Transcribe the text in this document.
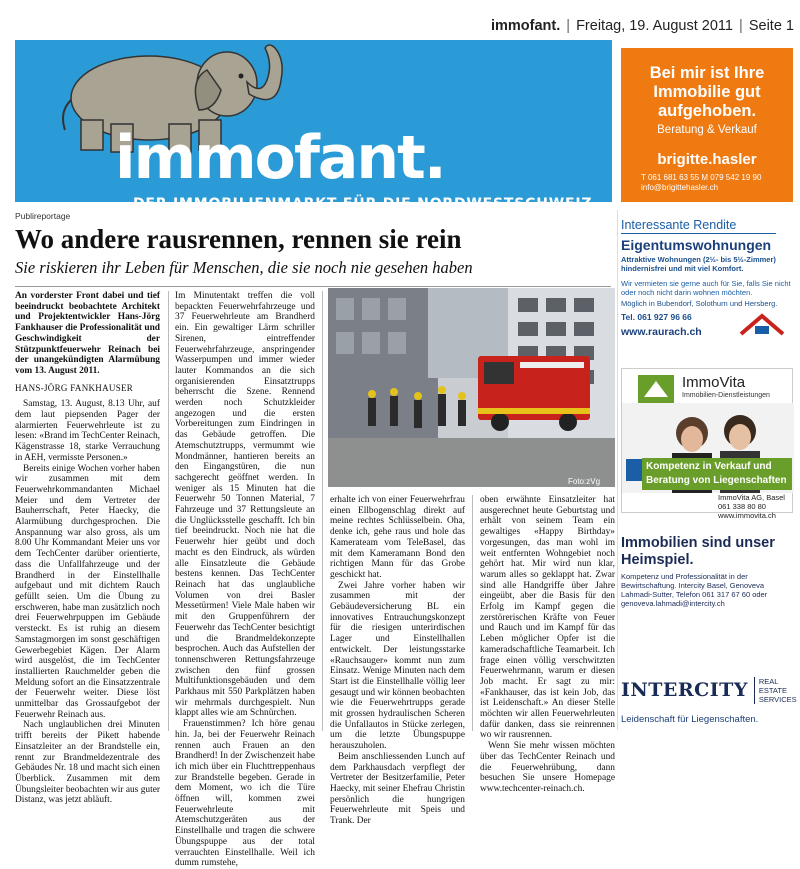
immofant. | Freitag, 19. August 2011 | Seite 1
immofant.
DER IMMOBILIENMARKT FÜR DIE NORDWESTSCHWEIZ.
Bei mir ist Ihre Immobilie gut aufgehoben.
Beratung & Verkauf
brigitte.hasler
T 061 681 63 55 M 079 542 19 90
info@brigittehasler.ch
Publireportage
Wo andere rausrennen, rennen sie rein
Sie riskieren ihr Leben für Menschen, die sie noch nie gesehen haben

An vorderster Front dabei und tief beeindruckt beobachtete Architekt und Projektentwickler Hans-Jörg Fankhauser die Professionalität und Geschwindigkeit der Stützpunktfeuerwehr Reinach bei der unangekündigten Alarmübung vom 13. August 2011.

HANS-JÖRG FANKHAUSER

Samstag, 13. August, 8.13 Uhr, auf dem laut piepsenden Pager der alarmierten Feuerwehrleute ist zu lesen: «Brand im TechCenter Reinach, Kägenstrasse 18, starke Verrauchung in AEH, vermisste Personen.»

Bereits einige Wochen vorher haben wir zusammen mit dem Feuerwehrkommandanten Michael Meier und dem Vertreter der Bauherrschaft, Peter Haecky, die Alarmübung durchgesprochen. Die Anspannung war also gross, als um 8.00 Uhr Kommandant Meier uns vor dem TechCenter darüber orientierte, dass die Unfallfahrzeuge und der Brandherd in der Einstellhalle aufgebaut und mit dichtem Rauch gefüllt seien. Um die Übung zu erschweren, habe man zusätzlich noch drei Feuerwehrpuppen im Gebäude versteckt. Es ist ruhig an diesem Samstagmorgen im sonst geschäftigen Gewerbegebiet Kägen. Der Alarm wird ausgelöst, die im TechCenter installierten Rauchmelder geben die Meldung sofort an die Einsatzzentrale der Feuerwehr weiter. Diese löst unmittelbar das Grossaufgebot der Feuerwehr Reinach aus.

Nach unglaublichen drei Minuten trifft bereits der Pikett habende Einsatzleiter an der Brandstelle ein, rennt zur Brandmeldezentrale des Gebäudes Nr. 18 und macht sich einen Überblick. Zusammen mit dem Übungsleiter beobachten wir aus guter Distanz, was jetzt abläuft.

Im Minutentakt treffen die voll bepackten Feuerwehrfahrzeuge und 37 Feuerwehrleute am Brandherd ein. Ein gewaltiger Lärm schriller Sirenen, eintreffender Feuerwehrfahrzeuge, anspringender Wasserpumpen und immer wieder lauter Kommandos an die sich organisierenden Einsatztrupps beherrscht die Szene. Rennend werden noch Schutzkleider angezogen und die ersten Vorbereitungen zum Eindringen in das Gebäude getroffen. Die Atemschutztrupps, vermummt wie Mondmänner, hantieren bereits an den Eingangstüren, die nun sachgerecht geöffnet werden. In weniger als 15 Minuten hat die Feuerwehr 50 Tonnen Material, 7 Fahrzeuge und 37 Rettungsleute an die Unglücksstelle geschafft. Ich bin tief beeindruckt. Noch nie hat die Feuerwehr hier geübt und doch macht es den Eindruck, als würden alle Einsatzleute die Gebäude bestens kennen. Das TechCenter Reinach hat das unglaubliche Volumen von drei Basler Messetürmen! Viele Male haben wir mit den Gruppenführern der Feuerwehr das TechCenter besichtigt und die Brandmeldekonzepte besprochen. Auch das Aufstellen der tonnenschweren Rettungsfahrzeuge zwischen den fünf grossen Multifunktionsgebäuden und dem Parkhaus mit 550 Parkplätzen haben wir mehrmals durchgespielt. Nun klappt alles wie am Schnürchen.

Frauenstimmen? Ich höre genau hin. Ja, bei der Feuerwehr Reinach rennen auch Frauen an den Brandherd! In der Zwischenzeit habe ich mich über ein Fluchttreppenhaus zur Brandstelle begeben. Gerade in dem Moment, wo ich die Türe öffnen will, kommen zwei Feuerwehrleute mit Atemschutzgeräten aus der Einstellhalle und tragen die schwere Übungspuppe aus der total verrauchten Einstellhalle. Weil ich dumm rumstehe,

Foto:zVg

erhalte ich von einer Feuerwehrfrau einen Ellbogenschlag direkt auf meine rechtes Schlüsselbein. Oha, denke ich, gehe raus und hole das Kamerateam vom TeleBasel, das mit dem Kameramann Bond den richtigen Mann für das Grobe geschickt hat.

Zwei Jahre vorher haben wir zusammen mit der Gebäudeversicherung BL ein innovatives Entrauchungskonzept für die riesigen unterirdischen Lager und Einstellhallen entwickelt. Der leistungsstarke «Rauchsauger» kommt nun zum Einsatz. Wenige Minuten nach dem Start ist die Einstellhalle völlig leer gesaugt und wir können beobachten wie die Feuerwehrtrupps gerade mit grossen hydraulischen Scheren die Unfallautos in Stücke zerlegen, um die letzte Übungspuppe herauszuholen.

Beim anschliessenden Lunch auf dem Parkhausdach verpflegt der Vertreter der Besitzerfamilie, Peter Haecky, mit seiner Ehefrau Christin persönlich die hungrigen Feuerwehrleute mit Speis und Trank. Der

oben erwähnte Einsatzleiter hat ausgerechnet heute Geburtstag und erhält von seinem Team ein gewaltiges «Happy Birthday» vorgesungen, das man wohl im weit entfernten Wohngebiet noch gehört hat. Mir wird nun klar, warum alles so geklappt hat. Zwar sind alle Handgriffe über Jahre eingeübt, aber die Basis für den Erfolg im Kampf gegen die zerstörerischen Kräfte von Feuer und Rauch und im Kampf für das Leben möglicher Opfer ist die kameradschaftliche Teamarbeit. Ich frage einen völlig verschwitzten Feuerwehrmann, warum er diesen Job macht. Er sagt zu mir: «Fankhauser, das ist kein Job, das ist Leidenschaft.» An dieser Stelle möchten wir allen Feuerwehrleuten dafür danken, dass sie reinrennen wo wir rausrennen.

Wenn Sie mehr wissen möchten über das TechCenter Reinach und die Feuerwehrübung, dann besuchen Sie unsere Homepage www.techcenter-reinach.ch.

Interessante Rendite
Eigentumswohnungen
Attraktive Wohnungen (2½- bis 5½-Zimmer) hindernisfrei und mit viel Komfort.
Wir vermieten sie gerne auch für Sie, falls Sie nicht oder noch nicht darin wohnen möchten.
Möglich in Bubendorf, Solothurn und Hersberg.
Tel. 061 927 96 66
www.raurach.ch
ImmoVita
Immobilien-Dienstleistungen
Kompetenz in Verkauf und Beratung von Liegenschaften
ImmoVita AG, Basel
061 338 80 80
www.immovita.ch
Immobilien sind unser Heimspiel.
Kompetenz und Professionalität in der Bewirtschaftung. Intercity Basel, Genoveva Lahmadi-Sutter, Telefon 061 317 67 60 oder genoveva.lahmadi@intercity.ch
INTERCITY	REAL
ESTATE
SERVICES
Leidenschaft für Liegenschaften.
